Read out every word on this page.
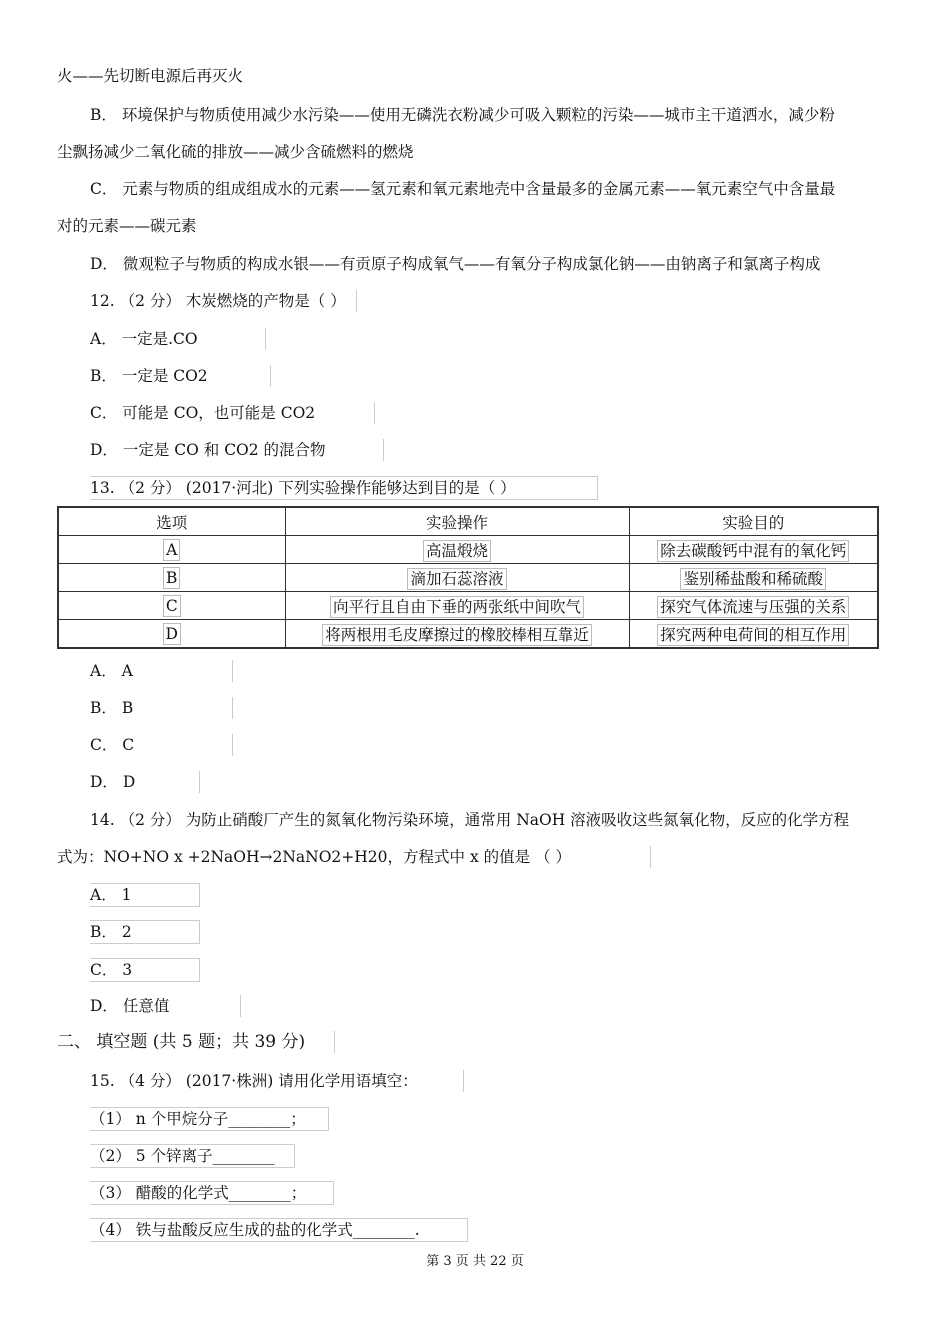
火——先切断电源后再灭火
B． 环境保护与物质使用减少水污染——使用无磷洗衣粉减少可吸入颗粒的污染——城市主干道洒水，减少粉
尘飘扬减少二氧化硫的排放——减少含硫燃料的燃烧
C． 元素与物质的组成组成水的元素——氢元素和氧元素地壳中含量最多的金属元素——氧元素空气中含量最
对的元素——碳元素
D． 微观粒子与物质的构成水银——有贡原子构成氧气——有氧分子构成氯化钠——由钠离子和氯离子构成
12. （2 分） 木炭燃烧的产物是（ ）
A． 一定是.CO
B． 一定是 CO2
C． 可能是 CO，也可能是 CO2
D． 一定是 CO 和 CO2 的混合物
13. （2 分） (2017·河北) 下列实验操作能够达到目的是（ ）
选项	实验操作	实验目的
A	高温煅烧	除去碳酸钙中混有的氧化钙
B	滴加石蕊溶液	鉴别稀盐酸和稀硫酸
C	向平行且自由下垂的两张纸中间吹气	探究气体流速与压强的关系
D	将两根用毛皮摩擦过的橡胶棒相互靠近	探究两种电荷间的相互作用
A． A
B． B
C． C
D． D
14. （2 分） 为防止硝酸厂产生的氮氧化物污染环境，通常用 NaOH 溶液吸收这些氮氧化物，反应的化学方程
式为：NO+NO x +2NaOH→2NaNO2+H20，方程式中 x 的值是 （ ）
A． 1
B． 2
C． 3
D． 任意值
二、 填空题 (共 5 题；共 39 分)
15. （4 分） (2017·株洲) 请用化学用语填空：
（1） n 个甲烷分子________；
（2） 5 个锌离子________
（3） 醋酸的化学式________；
（4） 铁与盐酸反应生成的盐的化学式________.
第 3 页 共 22 页
